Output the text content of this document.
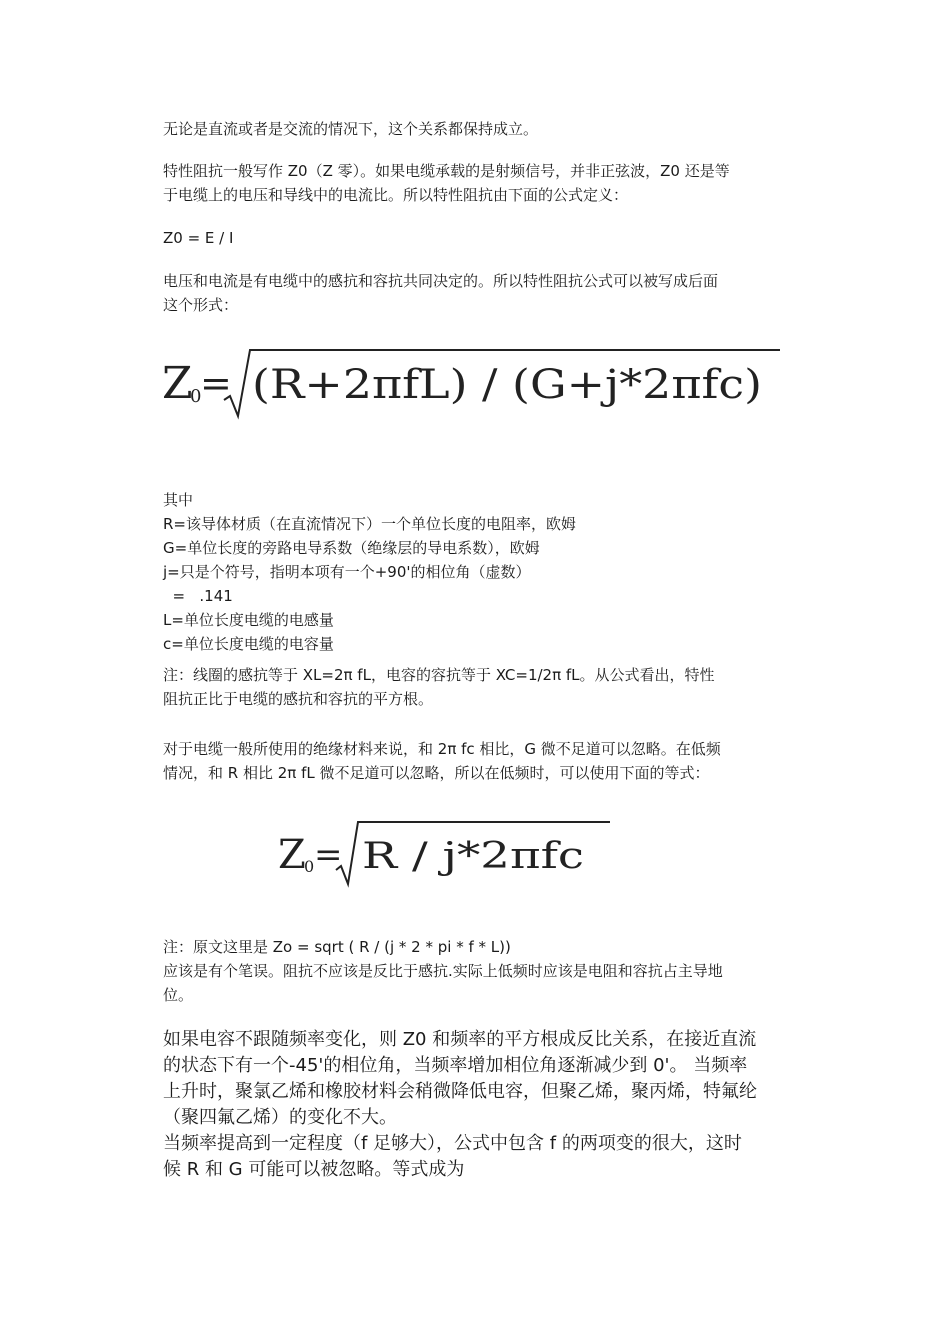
无论是直流或者是交流的情况下，这个关系都保持成立。
特性阻抗一般写作 Z0（Z 零）。如果电缆承载的是射频信号，并非正弦波，Z0 还是等
于电缆上的电压和导线中的电流比。所以特性阻抗由下面的公式定义：
Z0 = E / I
电压和电流是有电缆中的感抗和容抗共同决定的。所以特性阻抗公式可以被写成后面
这个形式：
Z
0
= (R+2πfL) / (G+j*2πfc)
其中
R=该导体材质（在直流情况下）一个单位长度的电阻率，欧姆
G=单位长度的旁路电导系数（绝缘层的导电系数），欧姆
j=只是个符号，指明本项有一个+90'的相位角（虚数）
=   .141
L=单位长度电缆的电感量
c=单位长度电缆的电容量
注：线圈的感抗等于 XL=2π fL，电容的容抗等于 XC=1/2π fL。从公式看出，特性
阻抗正比于电缆的感抗和容抗的平方根。
对于电缆一般所使用的绝缘材料来说，和 2π fc 相比，G 微不足道可以忽略。在低频
情况，和 R 相比 2π fL 微不足道可以忽略，所以在低频时，可以使用下面的等式：
Z
0 = R / j*2πfc
注：原文这里是 Zo = sqrt ( R / (j * 2 * pi * f * L))
应该是有个笔误。阻抗不应该是反比于感抗.实际上低频时应该是电阻和容抗占主导地
位。
如果电容不跟随频率变化，则 Z0 和频率的平方根成反比关系，在接近直流
的状态下有一个-45'的相位角，当频率增加相位角逐渐减少到 0'。 当频率
上升时，聚氯乙烯和橡胶材料会稍微降低电容，但聚乙烯，聚丙烯，特氟纶
（聚四氟乙烯）的变化不大。
当频率提高到一定程度（f 足够大），公式中包含 f 的两项变的很大，这时
候 R 和 G 可能可以被忽略。等式成为
